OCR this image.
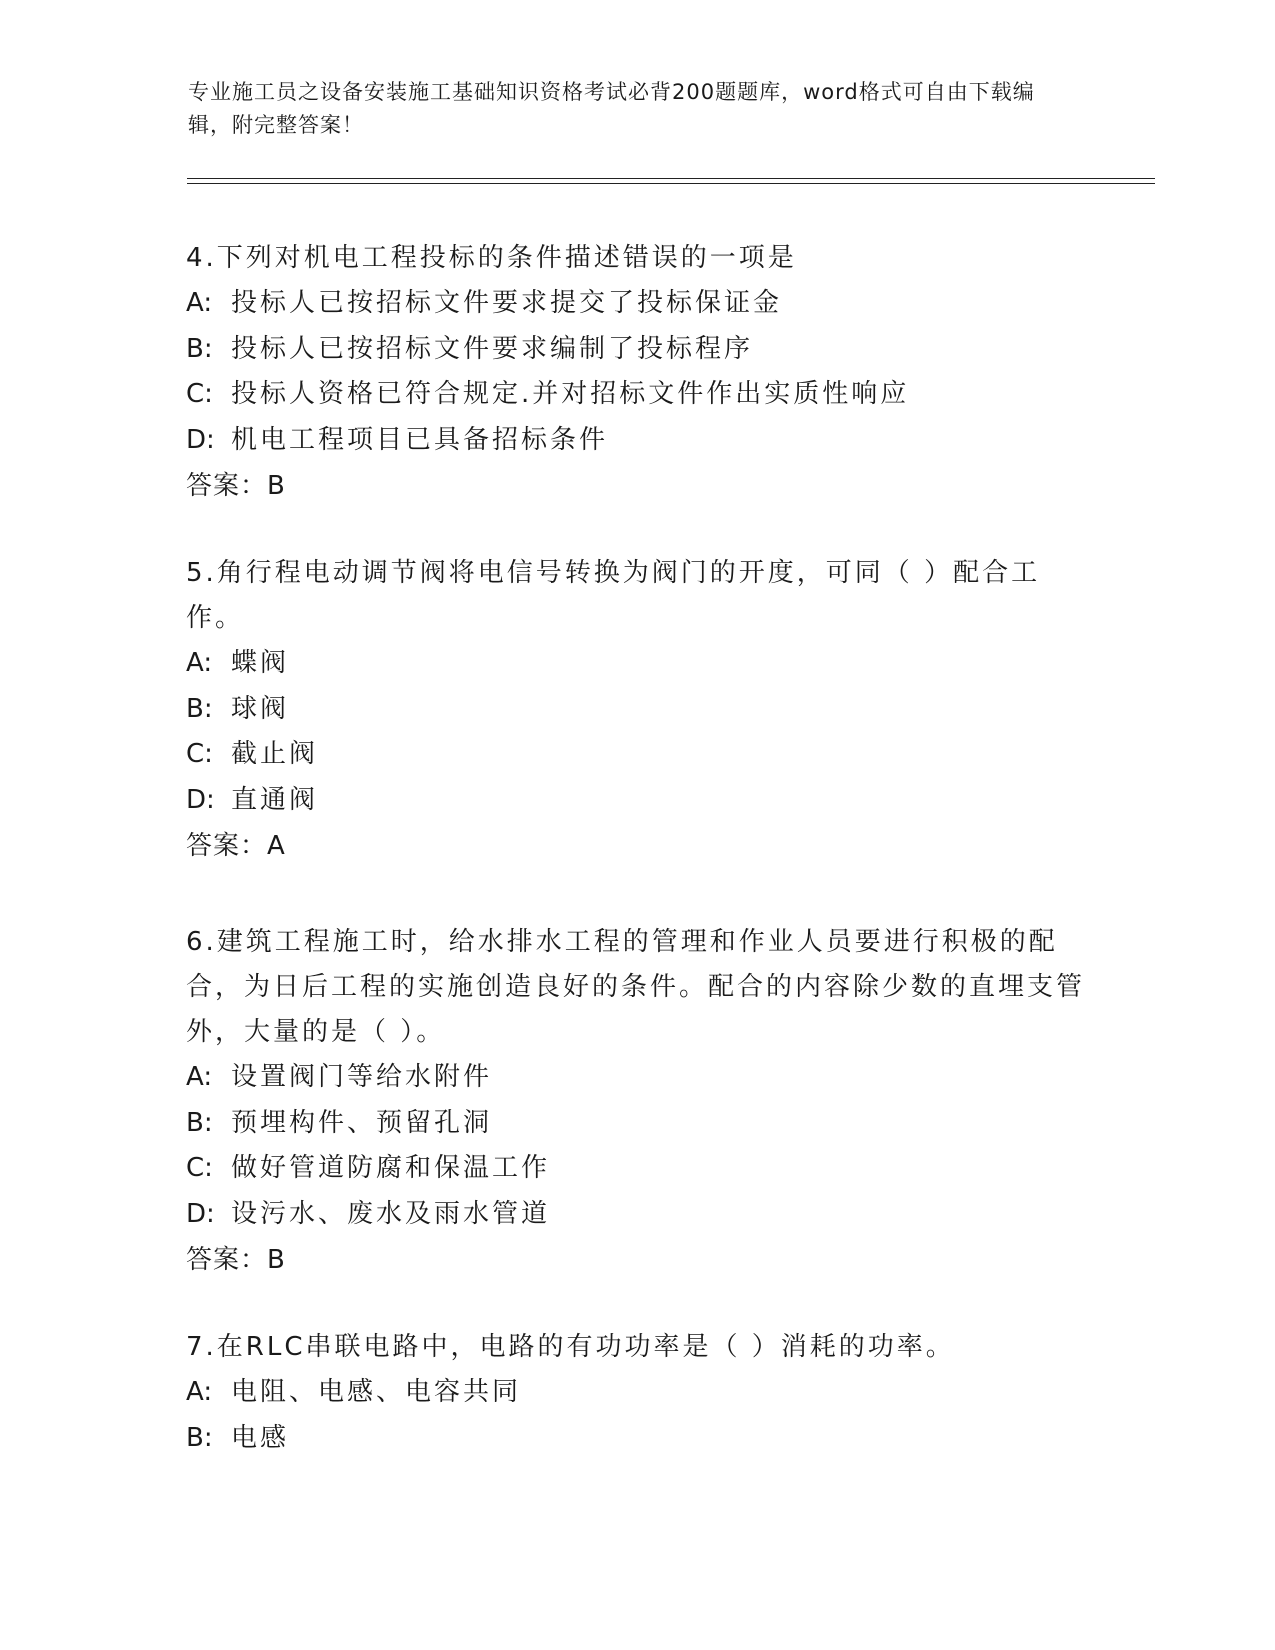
专业施工员之设备安装施工基础知识资格考试必背200题题库，word格式可自由下载编辑，附完整答案！

4.下列对机电工程投标的条件描述错误的一项是

A: 投标人已按招标文件要求提交了投标保证金

B: 投标人已按招标文件要求编制了投标程序

C: 投标人资格已符合规定.并对招标文件作出实质性响应

D: 机电工程项目已具备招标条件

答案：B

5.角行程电动调节阀将电信号转换为阀门的开度，可同（ ）配合工作。

A: 蝶阀

B: 球阀

C: 截止阀

D: 直通阀

答案：A

6.建筑工程施工时，给水排水工程的管理和作业人员要进行积极的配合，为日后工程的实施创造良好的条件。配合的内容除少数的直埋支管外，大量的是（ ）。

A: 设置阀门等给水附件

B: 预埋构件、预留孔洞

C: 做好管道防腐和保温工作

D: 设污水、废水及雨水管道

答案：B

7.在RLC串联电路中，电路的有功功率是（ ）消耗的功率。

A: 电阻、电感、电容共同

B: 电感
